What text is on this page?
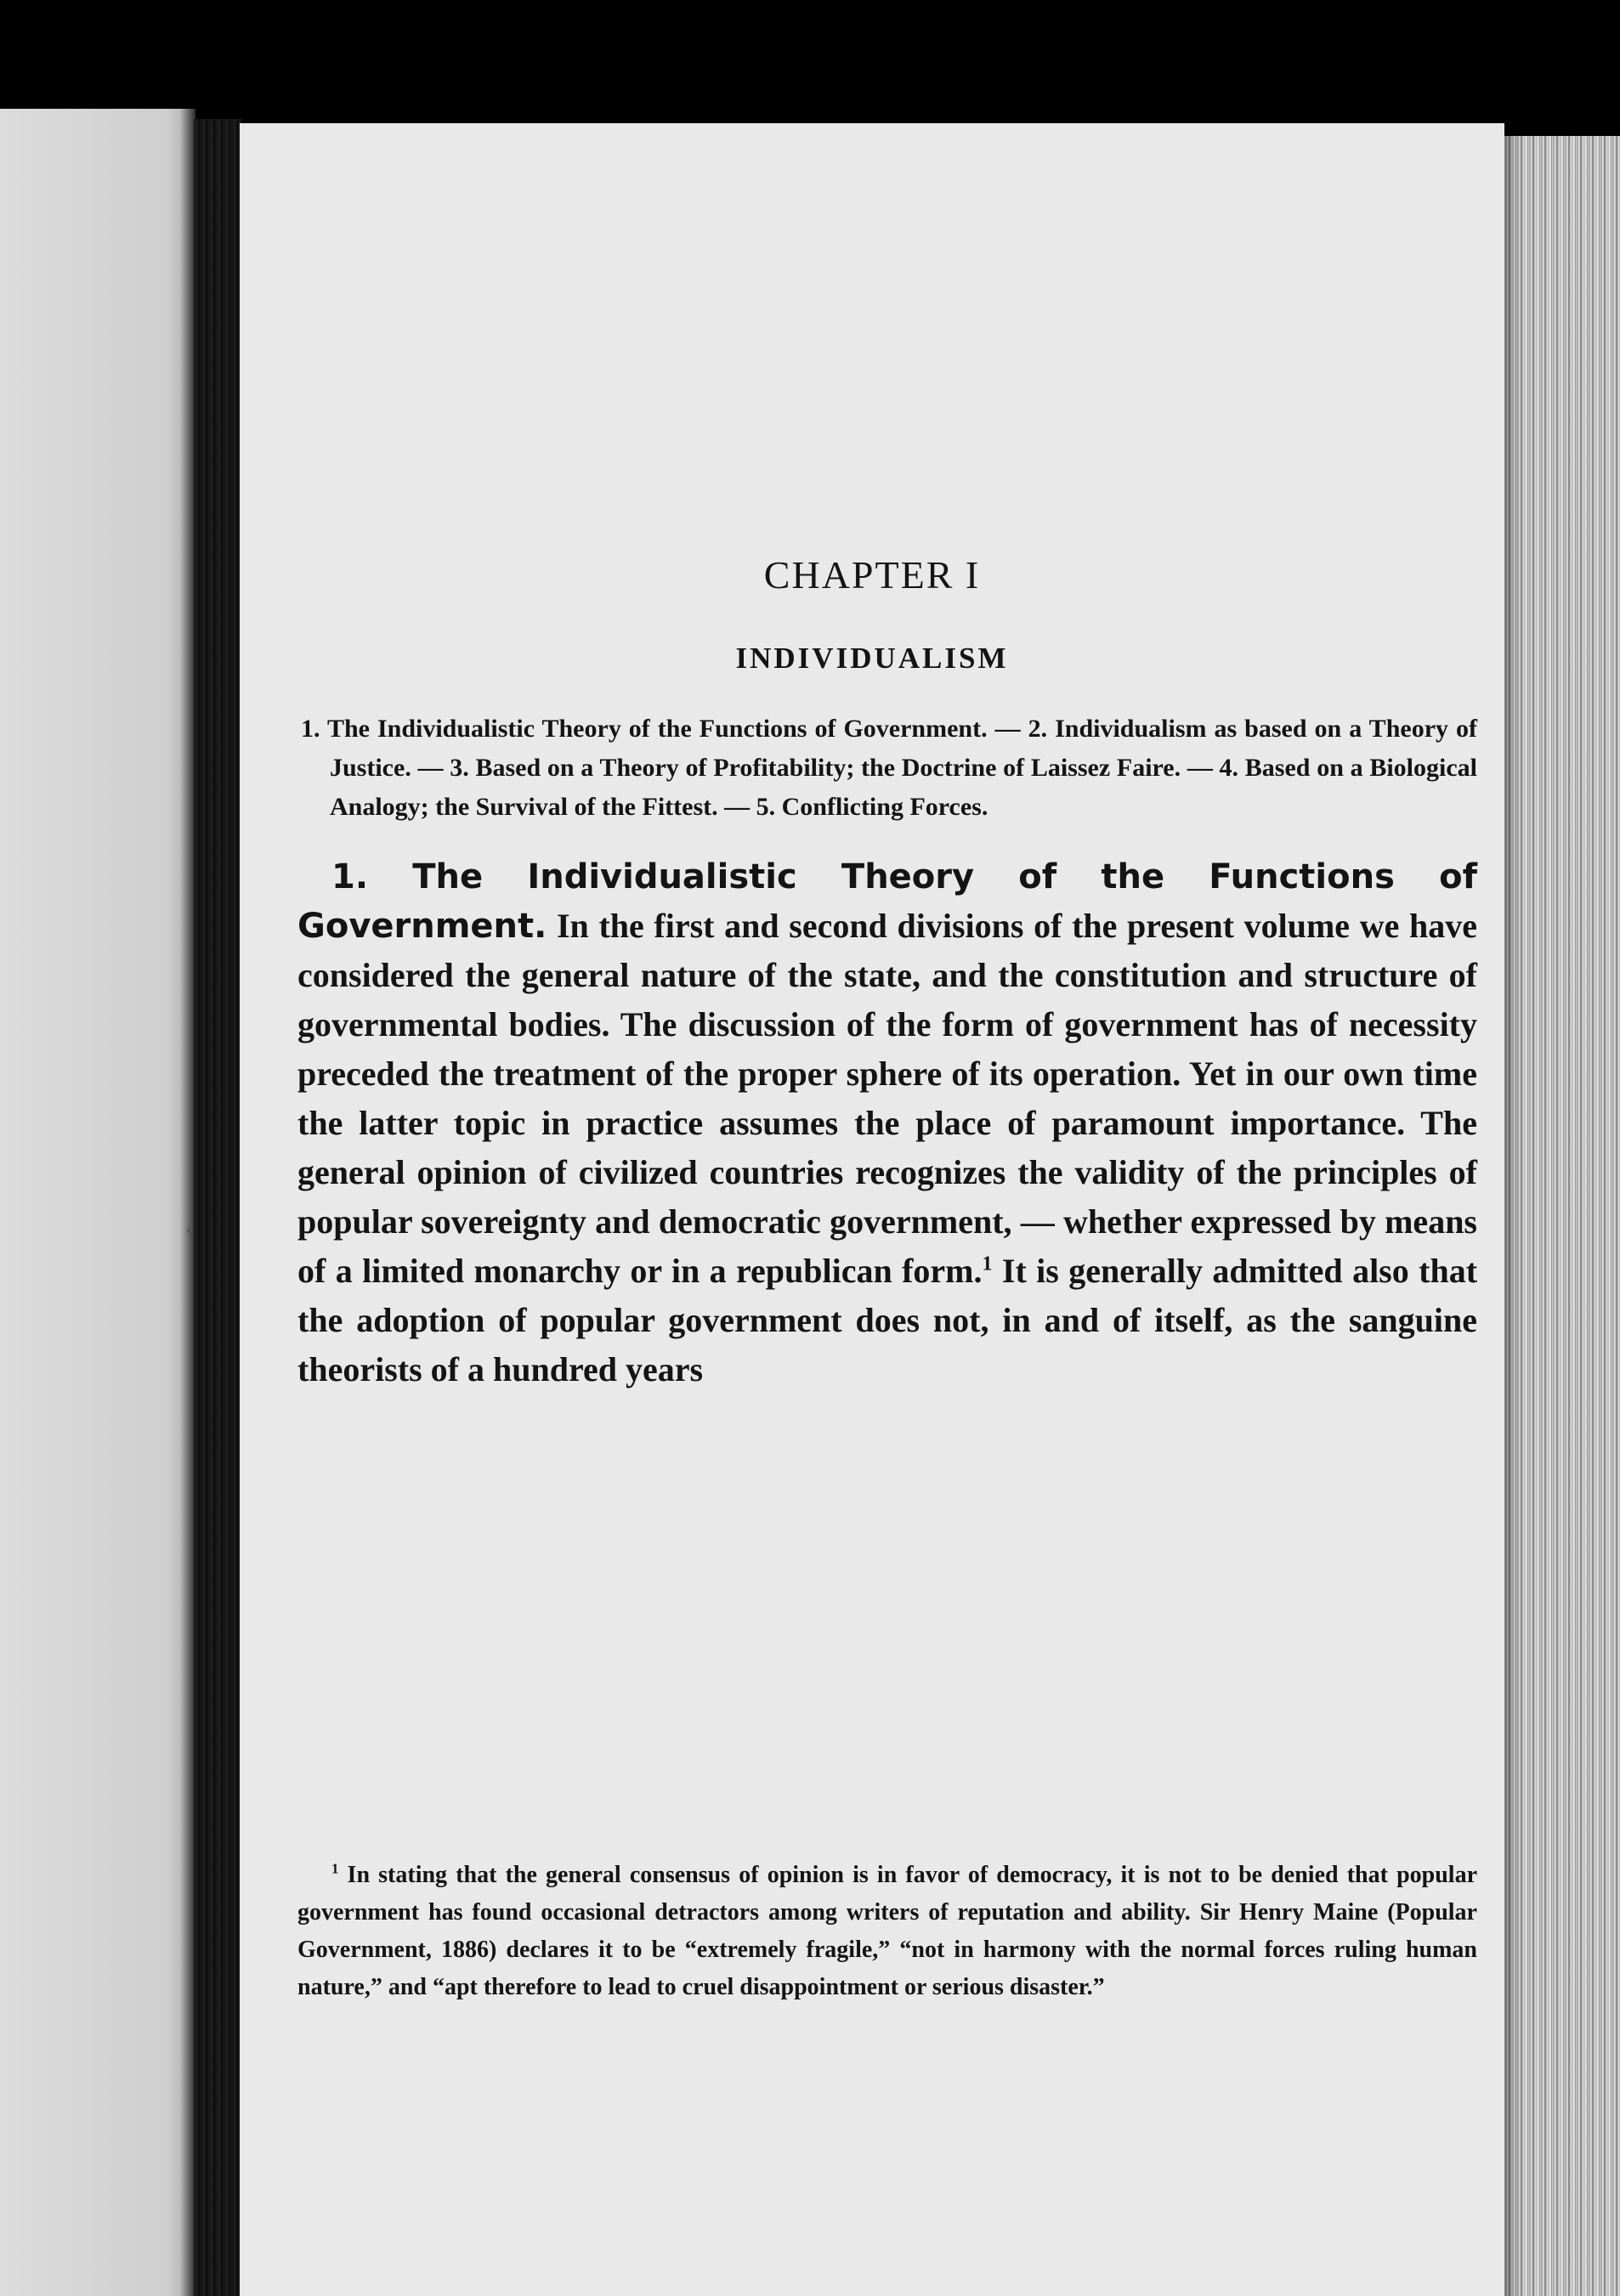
CHAPTER I
INDIVIDUALISM
1. The Individualistic Theory of the Functions of Government. — 2. Individualism as based on a Theory of Justice. — 3. Based on a Theory of Profitability; the Doctrine of Laissez Faire. — 4. Based on a Biological Analogy; the Survival of the Fittest. — 5. Conflicting Forces.
1. The Individualistic Theory of the Functions of Government. In the first and second divisions of the present volume we have considered the general nature of the state, and the constitution and structure of governmental bodies. The discussion of the form of government has of necessity preceded the treatment of the proper sphere of its operation. Yet in our own time the latter topic in practice assumes the place of paramount importance. The general opinion of civilized countries recognizes the validity of the principles of popular sovereignty and democratic government, — whether expressed by means of a limited monarchy or in a republican form.$^1$ It is generally admitted also that the adoption of popular government does not, in and of itself, as the sanguine theorists of a hundred years
$^1$ In stating that the general consensus of opinion is in favor of democracy, it is not to be denied that popular government has found occasional detractors among writers of reputation and ability. Sir Henry Maine (Popular Government, 1886) declares it to be “extremely fragile,” “not in harmony with the normal forces ruling human nature,” and “apt therefore to lead to cruel disappointment or serious disaster.”
